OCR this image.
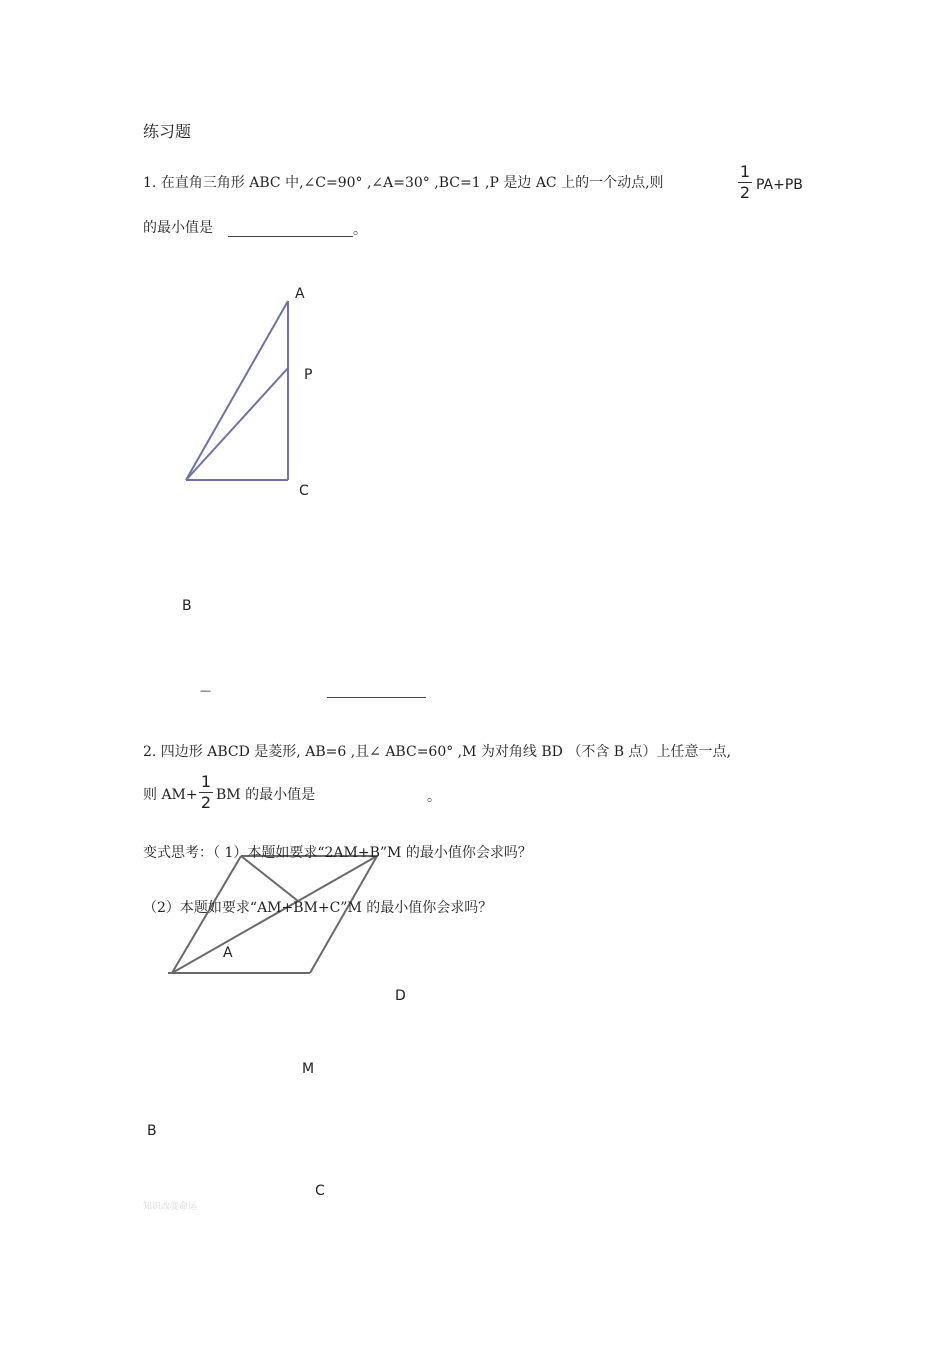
练习题
1. 在直角三角形 ABC 中,∠C=90° ,∠A=30° ,BC=1 ,P 是边 AC 上的一个动点,则
1
2 PA+PB
的最小值是	。
A
P
C
B
—
2. 四边形 ABCD 是菱形, AB=6 ,且∠ ABC=60° ,M 为对角线 BD （不含 B 点）上任意一点,
则 AM+
1
2 BM 的最小值是	。
变式思考：（ 1）本题如要求“2AM+B”M 的最小值你会求吗？
（2）本题如要求“AM+BM+C”M 的最小值你会求吗？
A
D
M
B
C
知识改变命运
